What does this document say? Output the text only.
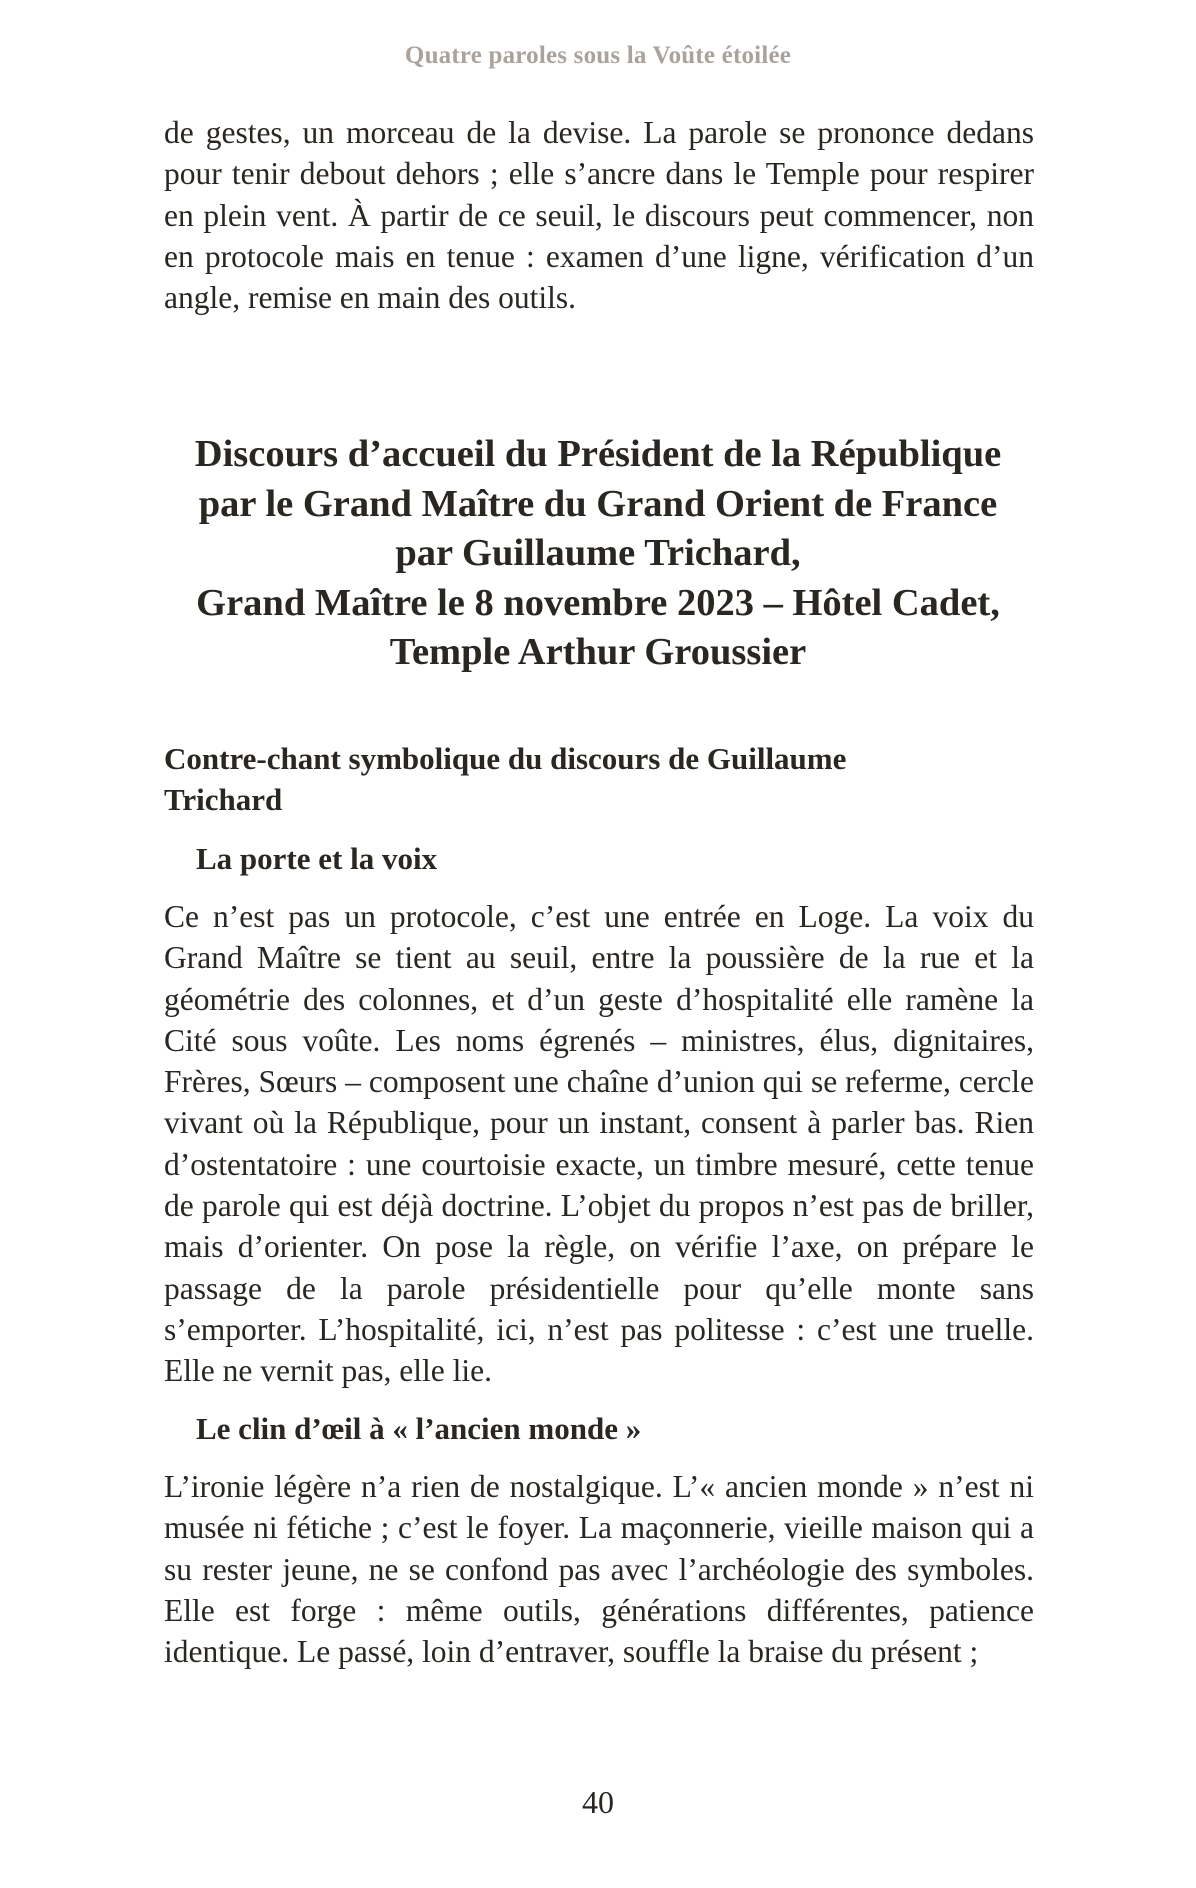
Quatre paroles sous la Voûte étoilée

de gestes, un morceau de la devise. La parole se prononce dedans pour tenir debout dehors ; elle s’ancre dans le Temple pour respirer en plein vent. À partir de ce seuil, le discours peut commencer, non en protocole mais en tenue : examen d’une ligne, vérification d’un angle, remise en main des outils.

Discours d’accueil du Président de la République
par le Grand Maître du Grand Orient de France
par Guillaume Trichard,
Grand Maître le 8 novembre 2023 – Hôtel Cadet,
Temple Arthur Groussier
Contre-chant symbolique du discours de Guillaume Trichard
La porte et la voix

Ce n’est pas un protocole, c’est une entrée en Loge. La voix du Grand Maître se tient au seuil, entre la poussière de la rue et la géométrie des colonnes, et d’un geste d’hospitalité elle ramène la Cité sous voûte. Les noms égrenés – ministres, élus, dignitaires, Frères, Sœurs – composent une chaîne d’union qui se referme, cercle vivant où la République, pour un instant, consent à parler bas. Rien d’ostentatoire : une courtoisie exacte, un timbre mesuré, cette tenue de parole qui est déjà doctrine. L’objet du propos n’est pas de briller, mais d’orienter. On pose la règle, on vérifie l’axe, on prépare le passage de la parole présidentielle pour qu’elle monte sans s’emporter. L’hospitalité, ici, n’est pas politesse : c’est une truelle. Elle ne vernit pas, elle lie.

Le clin d’œil à « l’ancien monde »

L’ironie légère n’a rien de nostalgique. L’« ancien monde » n’est ni musée ni fétiche ; c’est le foyer. La maçonnerie, vieille maison qui a su rester jeune, ne se confond pas avec l’archéologie des symboles. Elle est forge : même outils, générations différentes, patience identique. Le passé, loin d’entraver, souffle la braise du présent ;

40
